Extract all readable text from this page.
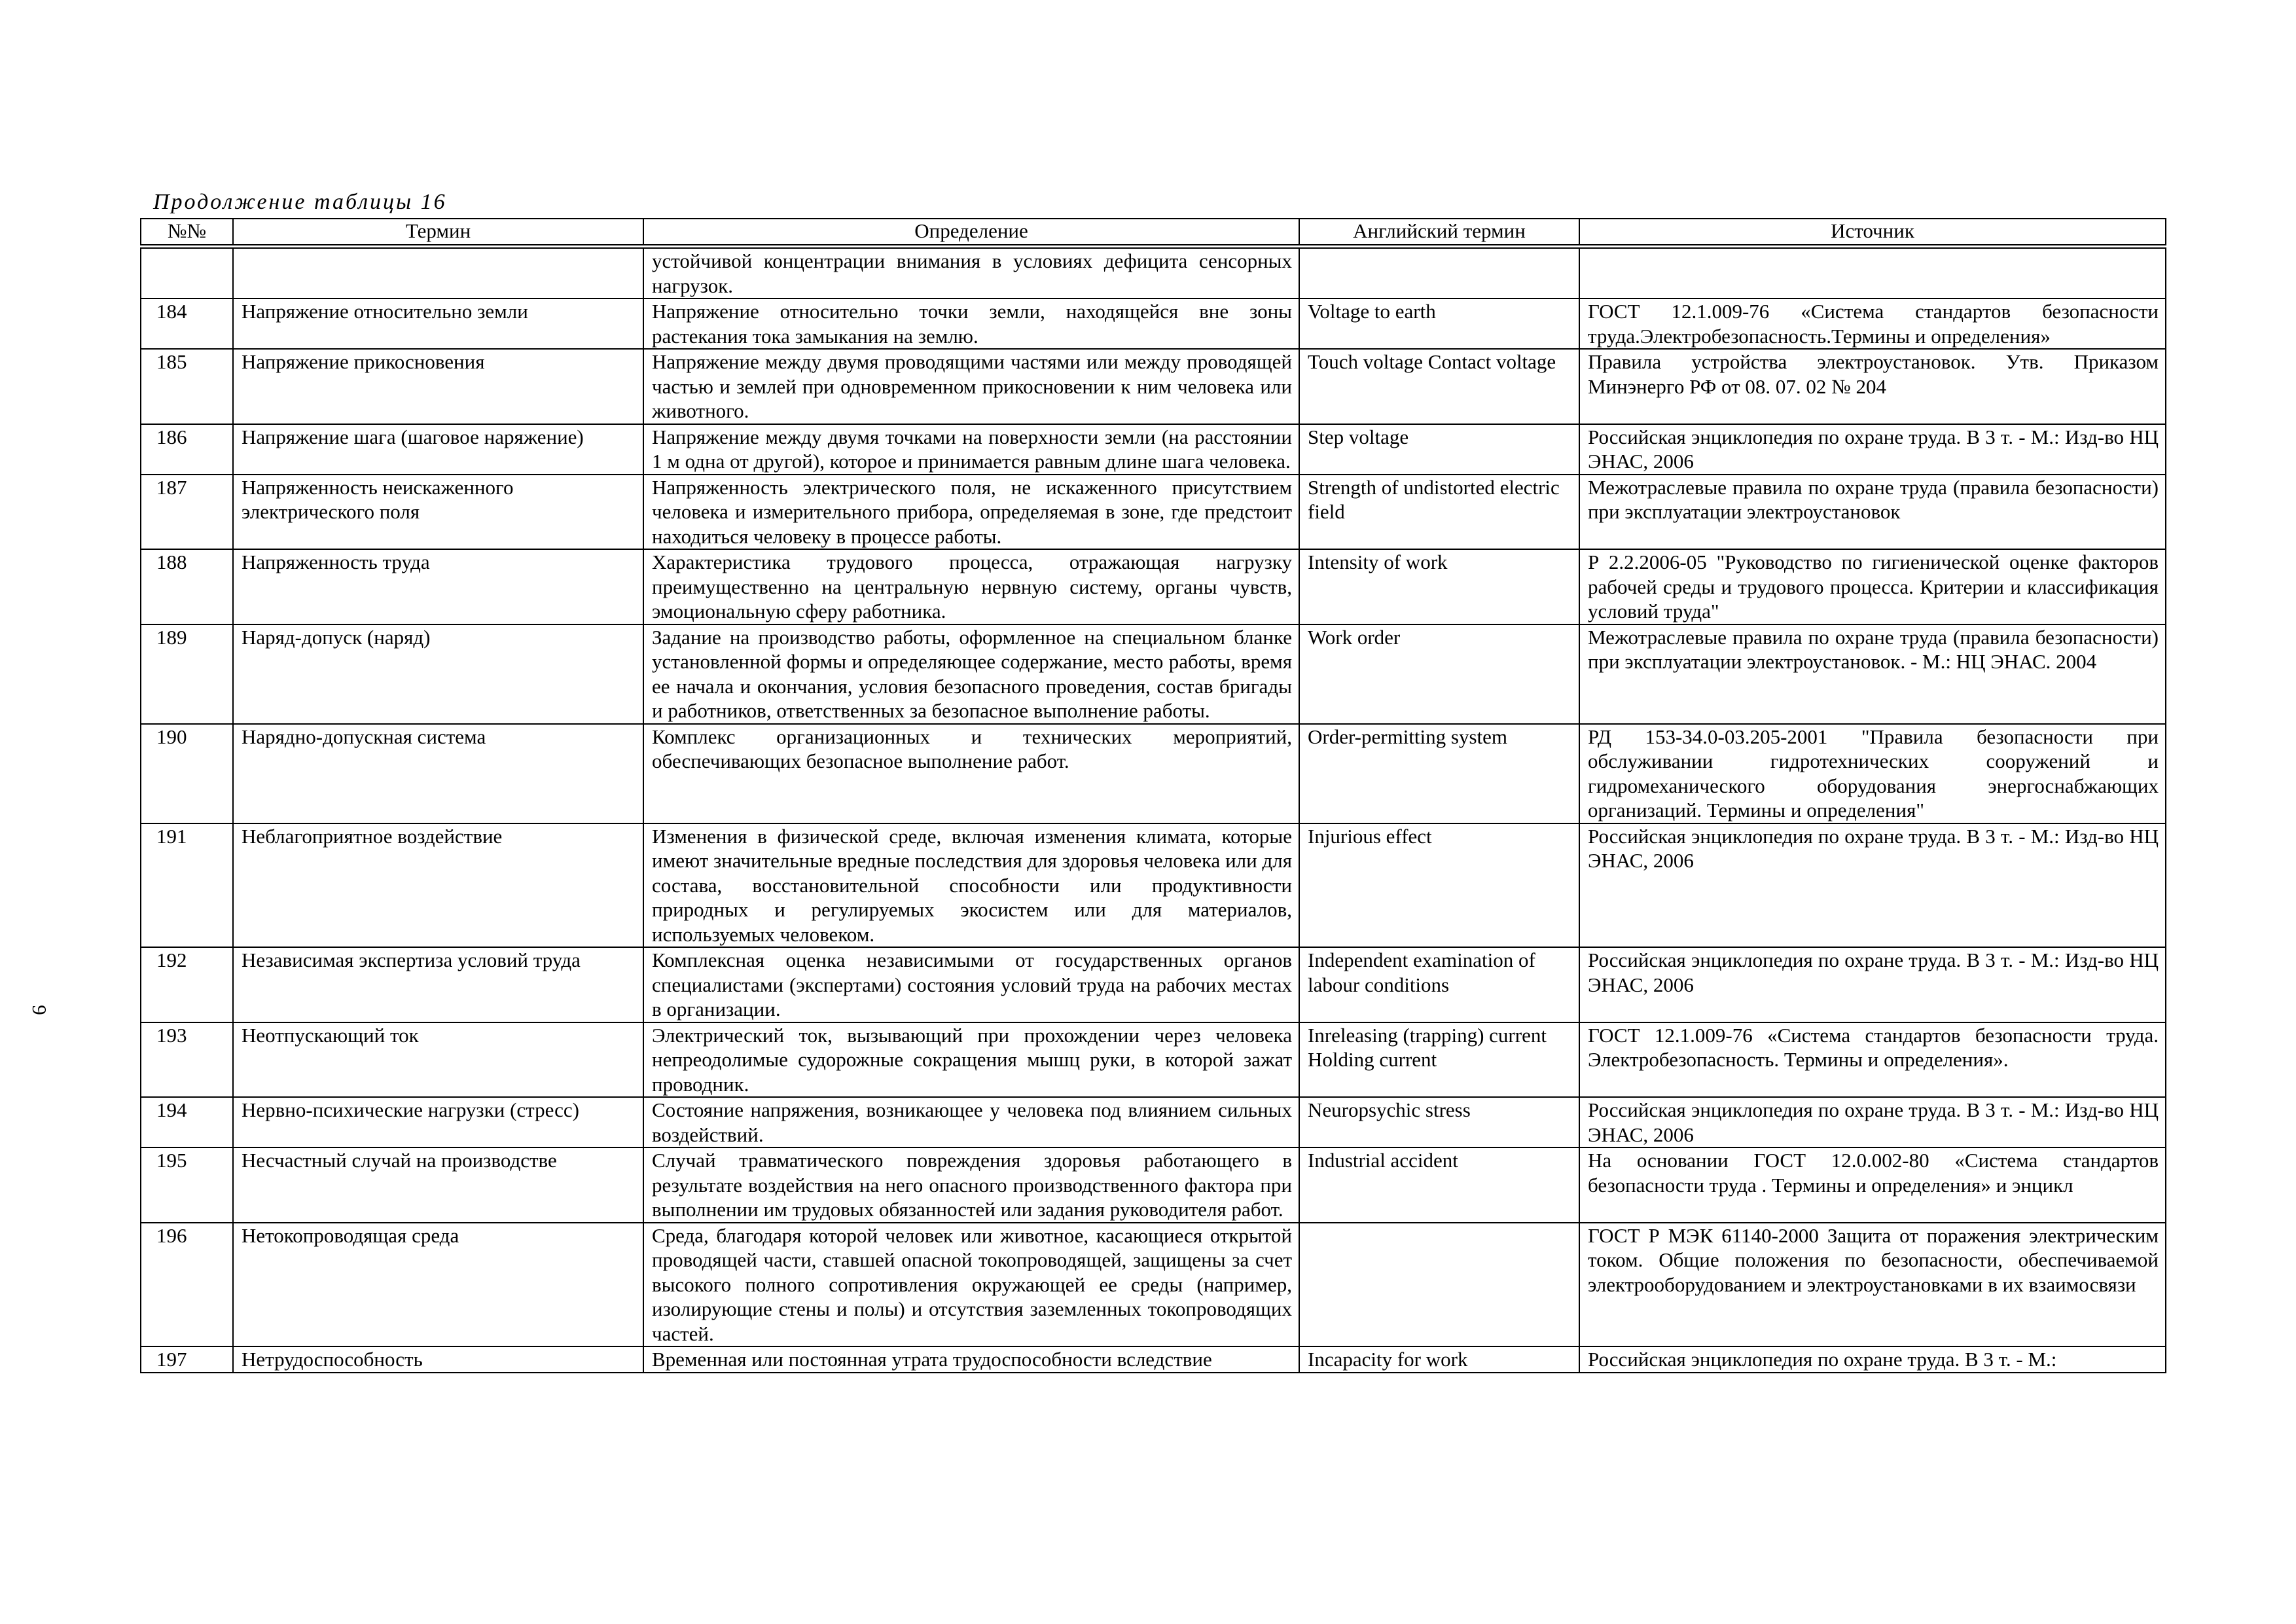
9
Продолжение таблицы 16
№№	Термин	Определение	Английский термин	Источник
		устойчивой концентрации внимания в условиях дефицита сенсорных нагрузок.		
184	Напряжение относительно земли	Напряжение относительно точки земли, находящейся вне зоны растекания тока замыкания на землю.	Voltage to earth	ГОСТ 12.1.009-76 «Система стандартов безопасности труда.Электробезопасность.Термины и определения»
185	Напряжение прикосновения	Напряжение между двумя проводящими частями или между проводящей частью и землей при одновременном прикосновении к ним человека или животного.	Touch voltage Contact voltage	Правила устройства электроустановок. Утв. Приказом Минэнерго РФ от 08. 07. 02 № 204
186	Напряжение шага (шаговое наряжение)	Напряжение между двумя точками на поверхности земли (на расстоянии 1 м одна от другой), которое и принимается равным длине шага человека.	Step voltage	Российская энциклопедия по охране труда. В 3 т. - М.: Изд-во НЦ ЭНАС, 2006
187	Напряженность неискаженного электрического поля	Напряженность электрического поля, не искаженного присутствием человека и измерительного прибора, определяемая в зоне, где предстоит находиться человеку в процессе работы.	Strength of undistorted electric field	Межотраслевые правила по охране труда (правила безопасности) при эксплуатации электроустановок
188	Напряженность труда	Характеристика трудового процесса, отражающая нагрузку преимущественно на центральную нервную систему, органы чувств, эмоциональную сферу работника.	Intensity of work	Р 2.2.2006-05 "Руководство по гигиенической оценке факторов рабочей среды и трудового процесса. Критерии и классификация условий труда"
189	Наряд-допуск (наряд)	Задание на производство работы, оформленное на специальном бланке установленной формы и определяющее содержание, место работы, время ее начала и окончания, условия безопасного проведения, состав бригады и работников, ответственных за безопасное выполнение работы.	Work order	Межотраслевые правила по охране труда (правила безопасности) при эксплуатации электроустановок. - М.: НЦ ЭНАС. 2004
190	Нарядно-допускная система	Комплекс организационных и технических мероприятий, обеспечивающих безопасное выполнение работ.	Order-permitting system	РД 153-34.0-03.205-2001 "Правила безопасности при обслуживании гидротехнических сооружений и гидромеханического оборудования энергоснабжающих организаций. Термины и определения"
191	Неблагоприятное воздействие	Изменения в физической среде, включая изменения климата, которые имеют значительные вредные последствия для здоровья человека или для состава, восстановительной способности или продуктивности природных и регулируемых экосистем или для материалов, используемых человеком.	Injurious effect	Российская энциклопедия по охране труда. В 3 т. - М.: Изд-во НЦ ЭНАС, 2006
192	Независимая экспертиза условий труда	Комплексная оценка независимыми от государственных органов специалистами (экспертами) состояния условий труда на рабочих местах в организации.	Independent examination of labour conditions	Российская энциклопедия по охране труда. В 3 т. - М.: Изд-во НЦ ЭНАС, 2006
193	Неотпускающий ток	Электрический ток, вызывающий при прохождении через человека непреодолимые судорожные сокращения мышц руки, в которой зажат проводник.	Inreleasing (trapping) current Holding current	ГОСТ 12.1.009-76 «Система стандартов безопасности труда. Электробезопасность. Термины и определения».
194	Нервно-психические нагрузки (стресс)	Состояние напряжения, возникающее у человека под влиянием сильных воздействий.	Neuropsychic stress	Российская энциклопедия по охране труда. В 3 т. - М.: Изд-во НЦ ЭНАС, 2006
195	Несчастный случай на производстве	Случай травматического повреждения здоровья работающего в результате воздействия на него опасного производственного фактора при выполнении им трудовых обязанностей или задания руководителя работ.	Industrial accident	На основании ГОСТ 12.0.002-80 «Система стандартов безопасности труда . Термины и определения» и энцикл
196	Нетокопроводящая среда	Среда, благодаря которой человек или животное, касающиеся открытой проводящей части, ставшей опасной токопроводящей, защищены за счет высокого полного сопротивления окружающей ее среды (например, изолирующие стены и полы) и отсутствия заземленных токопроводящих частей.		ГОСТ Р МЭК 61140-2000 Защита от поражения электрическим током. Общие положения по безопасности, обеспечиваемой электрооборудованием и электроустановками в их взаимосвязи
197	Нетрудоспособность	Временная или постоянная утрата трудоспособности вследствие	Incapacity for work	Российская энциклопедия по охране труда. В 3 т. - М.:
